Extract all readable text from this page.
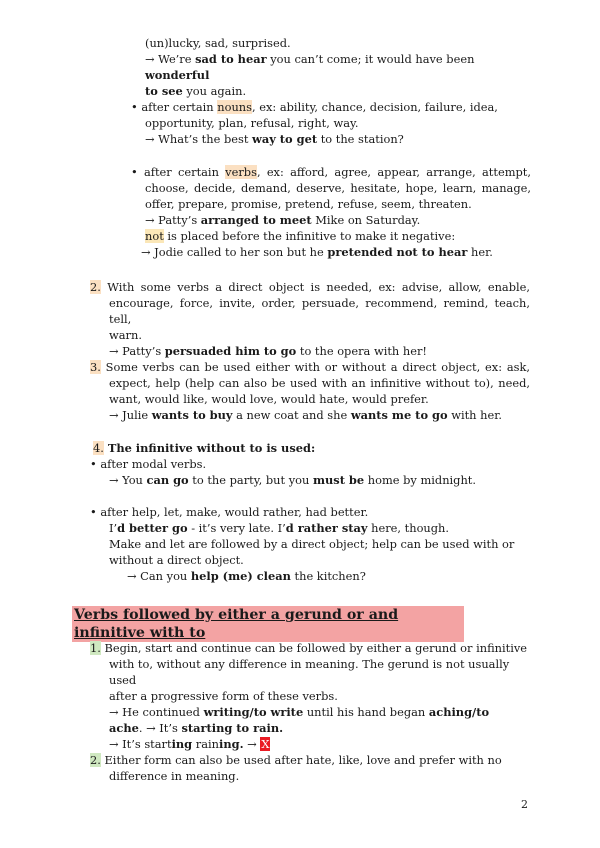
(un)lucky, sad, surprised.

→ We’re sad to hear you can’t come; it would have been wonderful

to see you again.

• after certain nouns, ex: ability, chance, decision, failure, idea,

opportunity, plan, refusal, right, way.

→ What’s the best way to get to the station?

• after certain verbs, ex: afford, agree, appear, arrange, attempt,

choose, decide, demand, deserve, hesitate, hope, learn, manage,

offer, prepare, promise, pretend, refuse, seem, threaten.

→ Patty’s arranged to meet Mike on Saturday.

not is placed before the infinitive to make it negative:

→ Jodie called to her son but he pretended not to hear her.

2. With some verbs a direct object is needed, ex: advise, allow, enable,

encourage, force, invite, order, persuade, recommend, remind, teach, tell,

warn.

→ Patty’s persuaded him to go to the opera with her!

3. Some verbs can be used either with or without a direct object, ex: ask,

expect, help (help can also be used with an infinitive without to), need,

want, would like, would love, would hate, would prefer.

→ Julie wants to buy a new coat and she wants me to go with her.

4. The infinitive without to is used:

• after modal verbs.

→ You can go to the party, but you must be home by midnight.

• after help, let, make, would rather, had better.

I’d better go - it’s very late. I’d rather stay here, though.

Make and let are followed by a direct object; help can be used with or

without a direct object.

→ Can you help (me) clean the kitchen?

Verbs followed by either a gerund or and infinitive with to

1. Begin, start and continue can be followed by either a gerund or infinitive

with to, without any difference in meaning. The gerund is not usually used

after a progressive form of these verbs.

→ He continued writing/to write until his hand began aching/to

ache. → It’s starting to rain.

→ It’s starting raining. → X

2. Either form can also be used after hate, like, love and prefer with no

difference in meaning.

2
